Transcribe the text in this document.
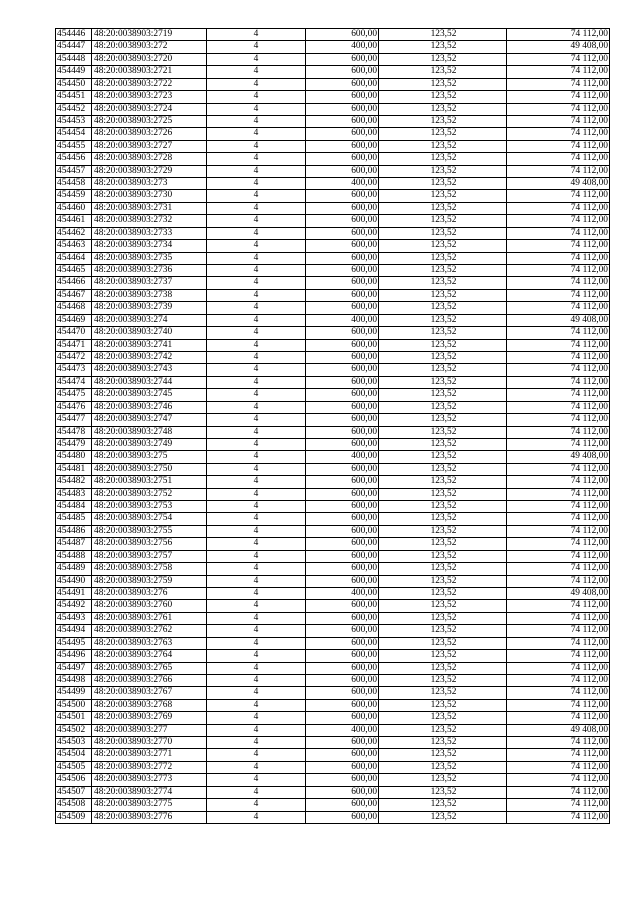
454446	48:20:0038903:2719	4	600,00	123,52	74 112,00
454447	48:20:0038903:272	4	400,00	123,52	49 408,00
454448	48:20:0038903:2720	4	600,00	123,52	74 112,00
454449	48:20:0038903:2721	4	600,00	123,52	74 112,00
454450	48:20:0038903:2722	4	600,00	123,52	74 112,00
454451	48:20:0038903:2723	4	600,00	123,52	74 112,00
454452	48:20:0038903:2724	4	600,00	123,52	74 112,00
454453	48:20:0038903:2725	4	600,00	123,52	74 112,00
454454	48:20:0038903:2726	4	600,00	123,52	74 112,00
454455	48:20:0038903:2727	4	600,00	123,52	74 112,00
454456	48:20:0038903:2728	4	600,00	123,52	74 112,00
454457	48:20:0038903:2729	4	600,00	123,52	74 112,00
454458	48:20:0038903:273	4	400,00	123,52	49 408,00
454459	48:20:0038903:2730	4	600,00	123,52	74 112,00
454460	48:20:0038903:2731	4	600,00	123,52	74 112,00
454461	48:20:0038903:2732	4	600,00	123,52	74 112,00
454462	48:20:0038903:2733	4	600,00	123,52	74 112,00
454463	48:20:0038903:2734	4	600,00	123,52	74 112,00
454464	48:20:0038903:2735	4	600,00	123,52	74 112,00
454465	48:20:0038903:2736	4	600,00	123,52	74 112,00
454466	48:20:0038903:2737	4	600,00	123,52	74 112,00
454467	48:20:0038903:2738	4	600,00	123,52	74 112,00
454468	48:20:0038903:2739	4	600,00	123,52	74 112,00
454469	48:20:0038903:274	4	400,00	123,52	49 408,00
454470	48:20:0038903:2740	4	600,00	123,52	74 112,00
454471	48:20:0038903:2741	4	600,00	123,52	74 112,00
454472	48:20:0038903:2742	4	600,00	123,52	74 112,00
454473	48:20:0038903:2743	4	600,00	123,52	74 112,00
454474	48:20:0038903:2744	4	600,00	123,52	74 112,00
454475	48:20:0038903:2745	4	600,00	123,52	74 112,00
454476	48:20:0038903:2746	4	600,00	123,52	74 112,00
454477	48:20:0038903:2747	4	600,00	123,52	74 112,00
454478	48:20:0038903:2748	4	600,00	123,52	74 112,00
454479	48:20:0038903:2749	4	600,00	123,52	74 112,00
454480	48:20:0038903:275	4	400,00	123,52	49 408,00
454481	48:20:0038903:2750	4	600,00	123,52	74 112,00
454482	48:20:0038903:2751	4	600,00	123,52	74 112,00
454483	48:20:0038903:2752	4	600,00	123,52	74 112,00
454484	48:20:0038903:2753	4	600,00	123,52	74 112,00
454485	48:20:0038903:2754	4	600,00	123,52	74 112,00
454486	48:20:0038903:2755	4	600,00	123,52	74 112,00
454487	48:20:0038903:2756	4	600,00	123,52	74 112,00
454488	48:20:0038903:2757	4	600,00	123,52	74 112,00
454489	48:20:0038903:2758	4	600,00	123,52	74 112,00
454490	48:20:0038903:2759	4	600,00	123,52	74 112,00
454491	48:20:0038903:276	4	400,00	123,52	49 408,00
454492	48:20:0038903:2760	4	600,00	123,52	74 112,00
454493	48:20:0038903:2761	4	600,00	123,52	74 112,00
454494	48:20:0038903:2762	4	600,00	123,52	74 112,00
454495	48:20:0038903:2763	4	600,00	123,52	74 112,00
454496	48:20:0038903:2764	4	600,00	123,52	74 112,00
454497	48:20:0038903:2765	4	600,00	123,52	74 112,00
454498	48:20:0038903:2766	4	600,00	123,52	74 112,00
454499	48:20:0038903:2767	4	600,00	123,52	74 112,00
454500	48:20:0038903:2768	4	600,00	123,52	74 112,00
454501	48:20:0038903:2769	4	600,00	123,52	74 112,00
454502	48:20:0038903:277	4	400,00	123,52	49 408,00
454503	48:20:0038903:2770	4	600,00	123,52	74 112,00
454504	48:20:0038903:2771	4	600,00	123,52	74 112,00
454505	48:20:0038903:2772	4	600,00	123,52	74 112,00
454506	48:20:0038903:2773	4	600,00	123,52	74 112,00
454507	48:20:0038903:2774	4	600,00	123,52	74 112,00
454508	48:20:0038903:2775	4	600,00	123,52	74 112,00
454509	48:20:0038903:2776	4	600,00	123,52	74 112,00
